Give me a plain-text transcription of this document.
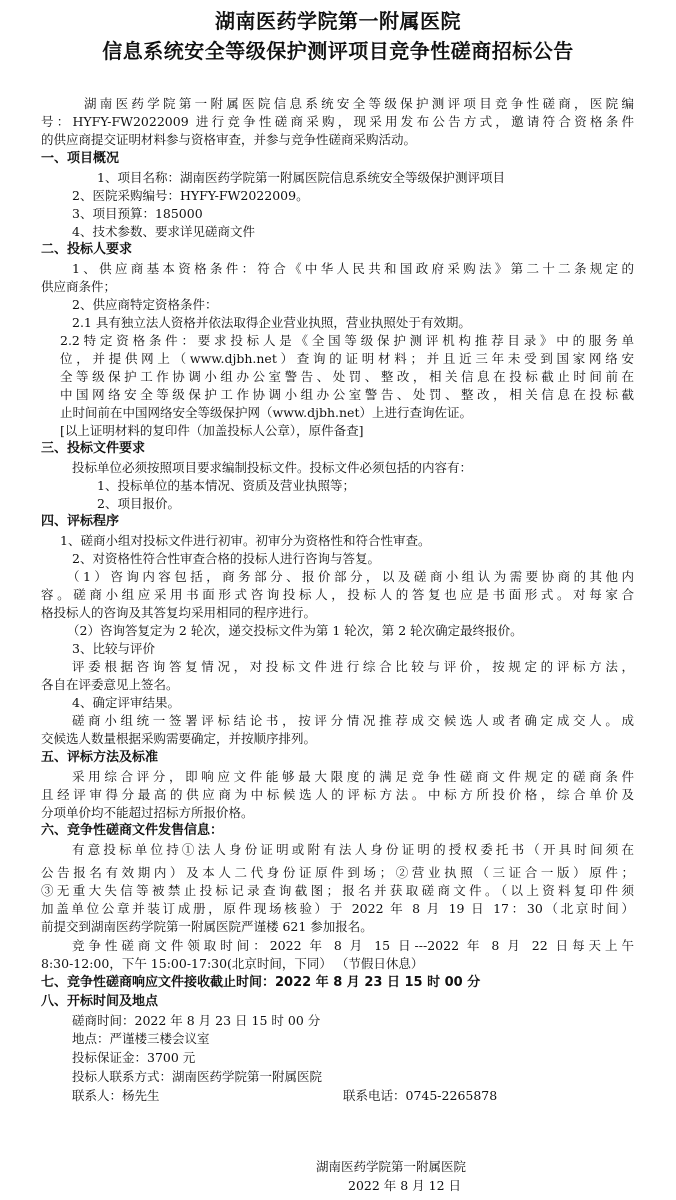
湖南医药学院第一附属医院
信息系统安全等级保护测评项目竞争性磋商招标公告
湖南医药学院第一附属医院信息系统安全等级保护测评项目竞争性磋商，医院编
号：HYFY-FW2022009 进行竞争性磋商采购，现采用发布公告方式，邀请符合资格条件
的供应商提交证明材料参与资格审查，并参与竞争性磋商采购活动。
一、项目概况
1、项目名称：湖南医药学院第一附属医院信息系统安全等级保护测评项目
2、医院采购编号：HYFY-FW2022009。
3、项目预算：185000
4、技术参数、要求详见磋商文件
二、投标人要求
1、供应商基本资格条件：符合《中华人民共和国政府采购法》第二十二条规定的
供应商条件；
2、供应商特定资格条件：
2.1 具有独立法人资格并依法取得企业营业执照，营业执照处于有效期。
2.2特定资格条件：要求投标人是《全国等级保护测评机构推荐目录》中的服务单
位，并提供网上（www.djbh.net）查询的证明材料；并且近三年未受到国家网络安
全等级保护工作协调小组办公室警告、处罚、整改，相关信息在投标截止时间前在
中国网络安全等级保护工作协调小组办公室警告、处罚、整改，相关信息在投标截
止时间前在中国网络安全等级保护网（www.djbh.net）上进行查询佐证。
[以上证明材料的复印件（加盖投标人公章），原件备查]
三、投标文件要求
投标单位必须按照项目要求编制投标文件。投标文件必须包括的内容有：
1、投标单位的基本情况、资质及营业执照等；
2、项目报价。
四、评标程序
1、磋商小组对投标文件进行初审。初审分为资格性和符合性审查。
2、对资格性符合性审查合格的投标人进行咨询与答复。
（1）咨询内容包括，商务部分、报价部分，以及磋商小组认为需要协商的其他内
容。磋商小组应采用书面形式咨询投标人，投标人的答复也应是书面形式。对每家合
格投标人的咨询及其答复均采用相同的程序进行。
（2）咨询答复定为 2 轮次，递交投标文件为第 1 轮次，第 2 轮次确定最终报价。
3、比较与评价
评委根据咨询答复情况，对投标文件进行综合比较与评价，按规定的评标方法，
各自在评委意见上签名。
4、确定评审结果。
磋商小组统一签署评标结论书，按评分情况推荐成交候选人或者确定成交人。成
交候选人数量根据采购需要确定，并按顺序排列。
五、评标方法及标准
采用综合评分，即响应文件能够最大限度的满足竞争性磋商文件规定的磋商条件
且经评审得分最高的供应商为中标候选人的评标方法。中标方所投价格，综合单价及
分项单价均不能超过招标方所报价格。
六、竞争性磋商文件发售信息：
有意投标单位持①法人身份证明或附有法人身份证明的授权委托书（开具时间须在
公告报名有效期内）及本人二代身份证原件到场；②营业执照（三证合一版）原件；
③无重大失信等被禁止投标记录查询截图；报名并获取磋商文件。（以上资料复印件须
加盖单位公章并装订成册，原件现场核验）于 2022 年 8 月 19 日 17：30（北京时间）
前提交到湖南医药学院第一附属医院严谨楼 621 参加报名。
竞争性磋商文件领取时间：2022 年 8 月 15 日---2022 年 8 月 22 日每天上午
8:30-12:00，下午 15:00-17:30(北京时间，下同） （节假日休息）
七、竞争性磋商响应文件接收截止时间：2022 年 8 月 23 日 15 时 00 分
八、开标时间及地点
磋商时间：2022 年 8 月 23 日 15 时 00 分
地点：严谨楼三楼会议室
投标保证金：3700 元
投标人联系方式：湖南医药学院第一附属医院
联系人：杨先生	联系电话：0745-2265878
湖南医药学院第一附属医院
2022 年 8 月 12 日
